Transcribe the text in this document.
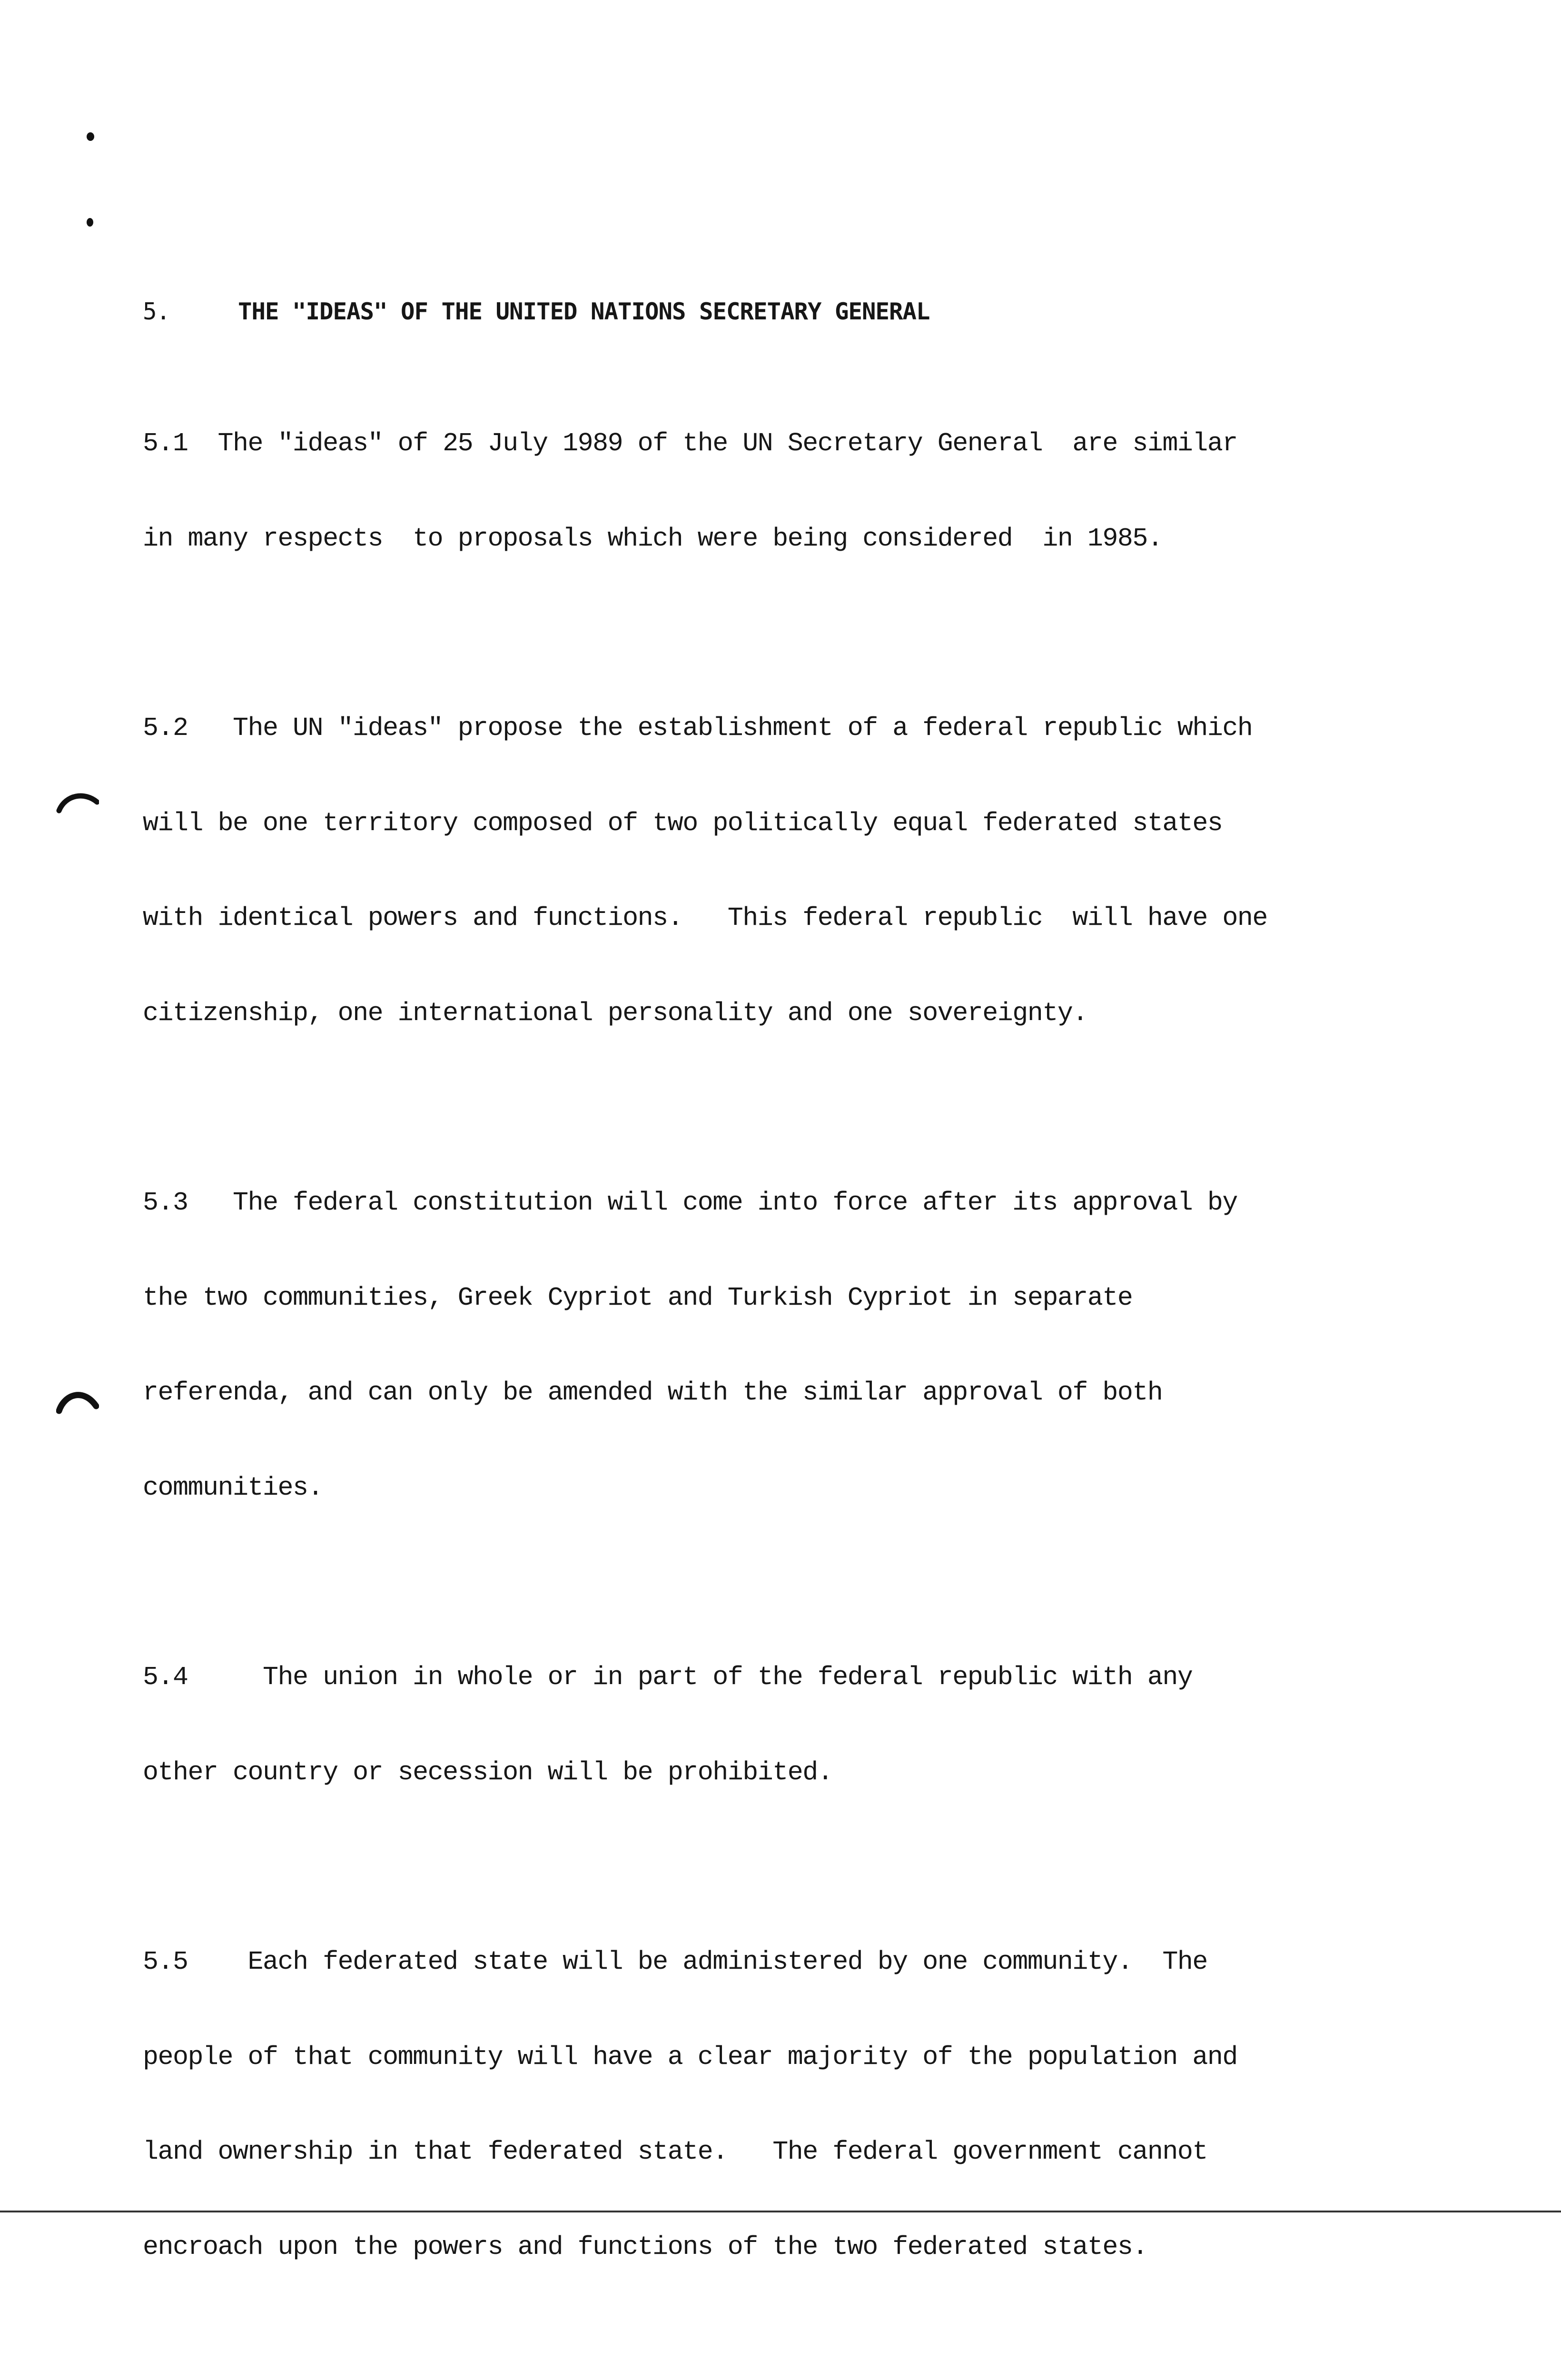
5.	THE "IDEAS" OF THE UNITED NATIONS SECRETARY GENERAL

5.1  The "ideas" of 25 July 1989 of the UN Secretary General  are similar

in many respects  to proposals which were being considered  in 1985.

5.2   The UN "ideas" propose the establishment of a federal republic which

will be one territory composed of two politically equal federated states

with identical powers and functions.   This federal republic  will have one

citizenship, one international personality and one sovereignty.

5.3   The federal constitution will come into force after its approval by

the two communities, Greek Cypriot and Turkish Cypriot in separate

referenda, and can only be amended with the similar approval of both

communities.

5.4     The union in whole or in part of the federal republic with any

other country or secession will be prohibited.

5.5    Each federated state will be administered by one community.  The

people of that community will have a clear majority of the population and

land ownership in that federated state.   The federal government cannot

encroach upon the powers and functions of the two federated states.
